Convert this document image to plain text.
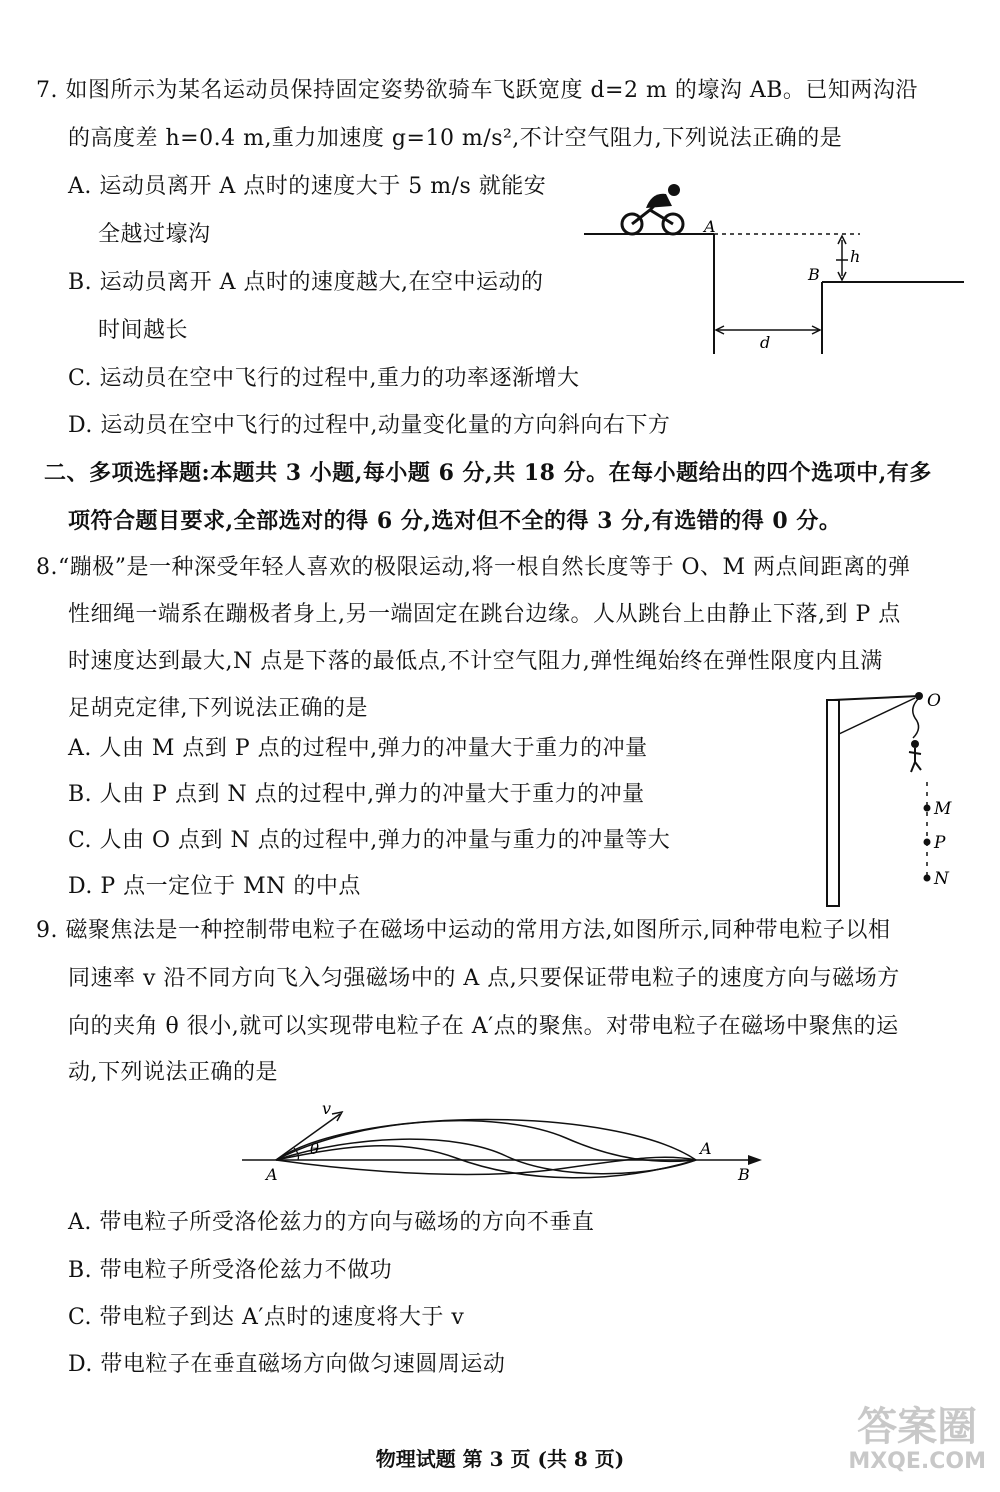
7. 如图所示为某名运动员保持固定姿势欲骑车飞跃宽度 d=2 m 的壕沟 AB。已知两沟沿
的高度差 h=0.4 m,重力加速度 g=10 m/s²,不计空气阻力,下列说法正确的是
A. 运动员离开 A 点时的速度大于 5 m/s 就能安
全越过壕沟
B. 运动员离开 A 点时的速度越大,在空中运动的
时间越长
C. 运动员在空中飞行的过程中,重力的功率逐渐增大
D. 运动员在空中飞行的过程中,动量变化量的方向斜向右下方
A
B
h
d
二、多项选择题:本题共 3 小题,每小题 6 分,共 18 分。在每小题给出的四个选项中,有多
项符合题目要求,全部选对的得 6 分,选对但不全的得 3 分,有选错的得 0 分。
8.“蹦极”是一种深受年轻人喜欢的极限运动,将一根自然长度等于 O、M 两点间距离的弹
性细绳一端系在蹦极者身上,另一端固定在跳台边缘。人从跳台上由静止下落,到 P 点
时速度达到最大,N 点是下落的最低点,不计空气阻力,弹性绳始终在弹性限度内且满
足胡克定律,下列说法正确的是
A. 人由 M 点到 P 点的过程中,弹力的冲量大于重力的冲量
B. 人由 P 点到 N 点的过程中,弹力的冲量大于重力的冲量
C. 人由 O 点到 N 点的过程中,弹力的冲量与重力的冲量等大
D. P 点一定位于 MN 的中点
O
M
P
N
9. 磁聚焦法是一种控制带电粒子在磁场中运动的常用方法,如图所示,同种带电粒子以相
同速率 v 沿不同方向飞入匀强磁场中的 A 点,只要保证带电粒子的速度方向与磁场方
向的夹角 θ 很小,就可以实现带电粒子在 A′点的聚焦。对带电粒子在磁场中聚焦的运
动,下列说法正确的是
v
θ
A
A
B
A. 带电粒子所受洛伦兹力的方向与磁场的方向不垂直
B. 带电粒子所受洛伦兹力不做功
C. 带电粒子到达 A′点时的速度将大于 v
D. 带电粒子在垂直磁场方向做匀速圆周运动
物理试题 第 3 页 (共 8 页)
答案圈
MXQE.COM
